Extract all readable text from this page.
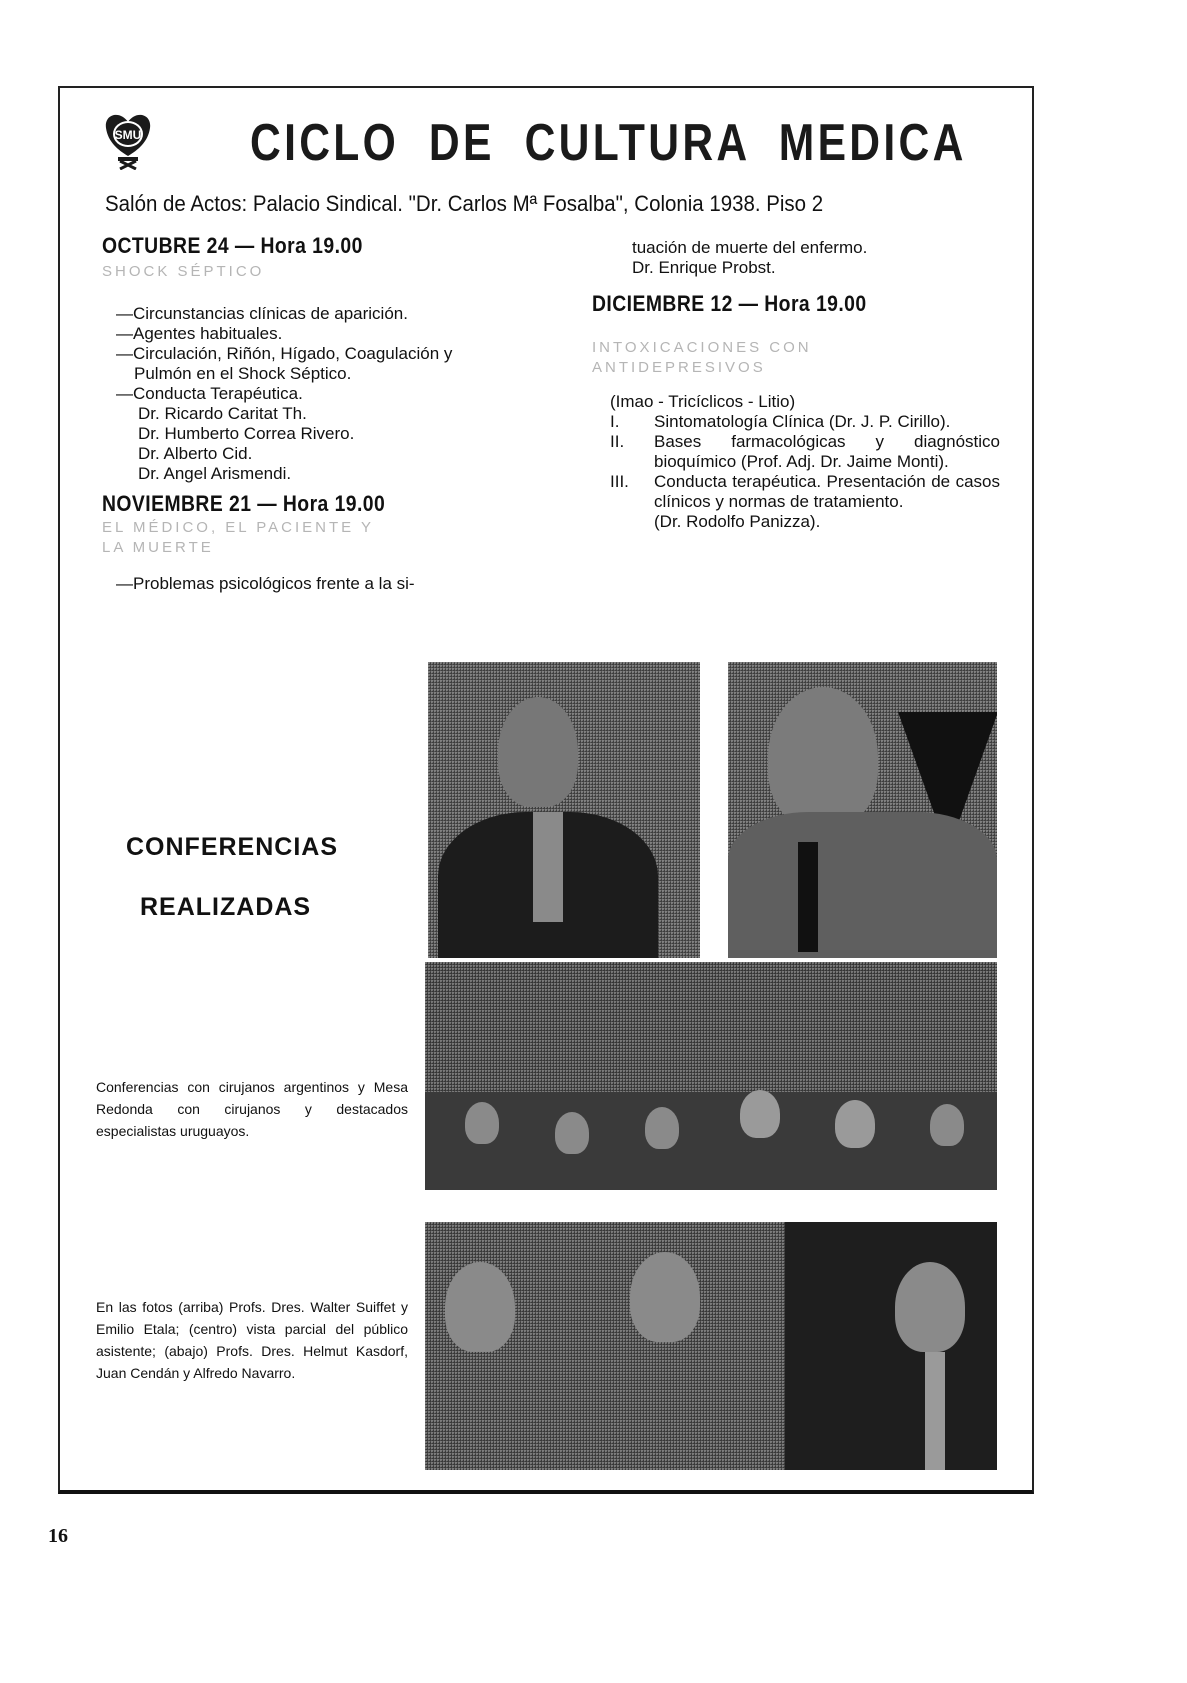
SMU CICLO DE CULTURA MEDICA
Salón de Actos: Palacio Sindical. "Dr. Carlos Mª Fosalba", Colonia 1938. Piso 2
OCTUBRE 24 — Hora 19.00
SHOCK SÉPTICO
—Circunstancias clínicas de aparición.
—Agentes habituales.
—Circulación, Riñón, Hígado, Coagulación y Pulmón en el Shock Séptico.
—Conducta Terapéutica.
Dr. Ricardo Caritat Th.
Dr. Humberto Correa Rivero.
Dr. Alberto Cid.
Dr. Angel Arismendi.
NOVIEMBRE 21 — Hora 19.00
EL MÉDICO, EL PACIENTE Y
LA MUERTE
—Problemas psicológicos frente a la si-
tuación de muerte del enfermo.
Dr. Enrique Probst.
DICIEMBRE 12 — Hora 19.00
INTOXICACIONES CON
ANTIDEPRESIVOS
(Imao - Tricíclicos - Litio)
I.	Sintomatología Clínica (Dr. J. P. Cirillo).
II.	Bases farmacológicas y diagnóstico bioquímico (Prof. Adj. Dr. Jaime Monti).
III.	Conducta terapéutica. Presentación de casos clínicos y normas de tratamiento.
(Dr. Rodolfo Panizza).
CONFERENCIAS
REALIZADAS
Conferencias con cirujanos argentinos y Mesa Redonda con cirujanos y destacados especialistas uruguayos.
En las fotos (arriba) Profs. Dres. Walter Suiffet y Emilio Etala; (centro) vista parcial del público asistente; (abajo) Profs. Dres. Helmut Kasdorf, Juan Cendán y Alfredo Navarro.
16
